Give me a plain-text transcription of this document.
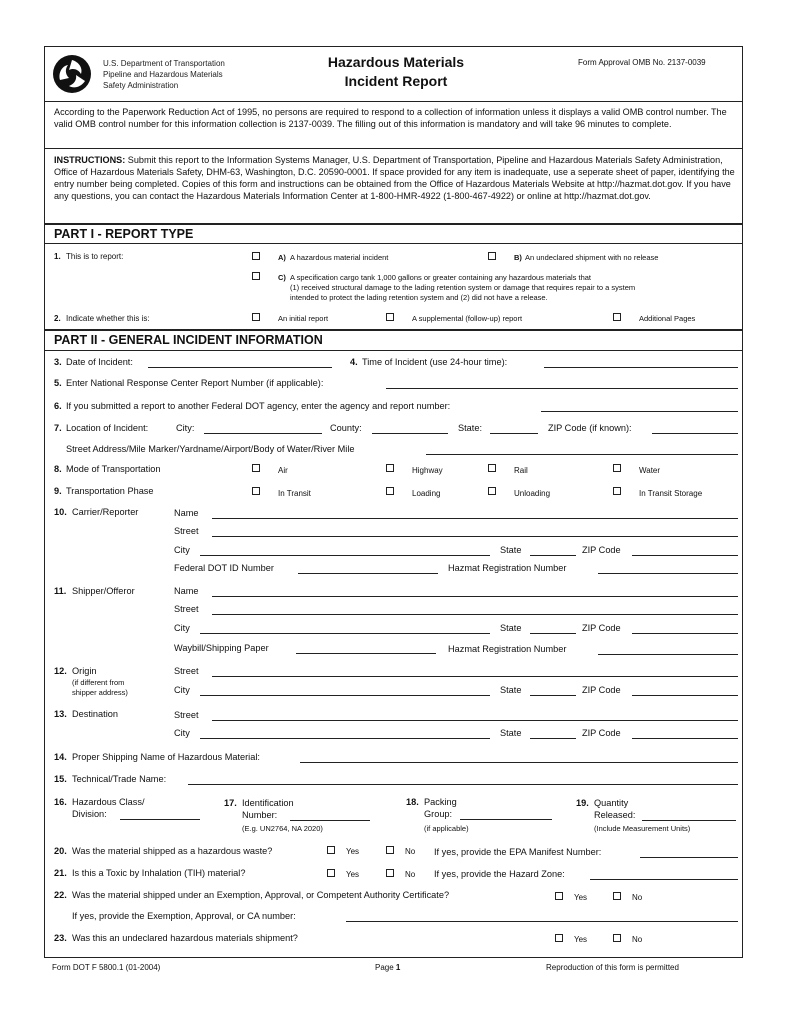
U.S. Department of Transportation
Pipeline and Hazardous Materials
Safety Administration
Hazardous Materials
Incident Report
Form Approval OMB No. 2137-0039
According to the Paperwork Reduction Act of 1995, no persons are required to respond to a collection of information unless it displays a valid OMB control number. The valid OMB control number for this information collection is 2137-0039. The filling out of this information is mandatory and will take 96 minutes to complete.
INSTRUCTIONS: Submit this report to the Information Systems Manager, U.S. Department of Transportation, Pipeline and Hazardous Materials Safety Administration, Office of Hazardous Materials Safety, DHM-63, Washington, D.C. 20590-0001. If space provided for any item is inadequate, use a seperate sheet of paper, identifying the entry number being completed. Copies of this form and instructions can be obtained from the Office of Hazardous Materials Website at http://hazmat.dot.gov. If you have any questions, you can contact the Hazardous Materials Information Center at 1-800-HMR-4922 (1-800-467-4922) or online at http://hazmat.dot.gov.
PART I - REPORT TYPE
1. This is to report:	A) A hazardous material incident	B) An undeclared shipment with no release
C) A specification cargo tank 1,000 gallons or greater containing any hazardous materials that
(1) received structural damage to the lading retention system or damage that requires repair to a system
intended to protect the lading retention system and (2) did not have a release.
2. Indicate whether this is:	An initial report	A supplemental (follow-up) report	Additional Pages
PART II - GENERAL INCIDENT INFORMATION
3. Date of Incident:	4. Time of Incident (use 24-hour time):
5. Enter National Response Center Report Number (if applicable):
6. If you submitted a report to another Federal DOT agency, enter the agency and report number:
7. Location of Incident:	City:	County:	State:	ZIP Code (if known):
Street Address/Mile Marker/Yardname/Airport/Body of Water/River Mile
8. Mode of Transportation	Air	Highway	Rail	Water
9. Transportation Phase	In Transit	Loading	Unloading	In Transit Storage
10. Carrier/Reporter	Name
Street
City	State	ZIP Code
Federal DOT ID Number	Hazmat Registration Number
11. Shipper/Offeror	Name
Street
City	State	ZIP Code
Waybill/Shipping Paper	Hazmat Registration Number
12. Origin
(if different from
shipper address)
Street
City	State	ZIP Code
13. Destination	Street
City	State	ZIP Code
14. Proper Shipping Name of Hazardous Material:
15. Technical/Trade Name:
16. Hazardous Class/
Division:
17. Identification
Number:
(E.g. UN2764, NA 2020)
18. Packing
Group:
(if applicable)
19. Quantity
Released:
(Include Measurement Units)
20. Was the material shipped as a hazardous waste?	Yes	No If yes, provide the EPA Manifest Number:
21. Is this a Toxic by Inhalation (TIH) material?	Yes	No If yes, provide the Hazard Zone:
22. Was the material shipped under an Exemption, Approval, or Competent Authority Certificate?	Yes	No
If yes, provide the Exemption, Approval, or CA number:
23. Was this an undeclared hazardous materials shipment?	Yes	No
Form DOT F 5800.1 (01-2004)	Page 1	Reproduction of this form is permitted
